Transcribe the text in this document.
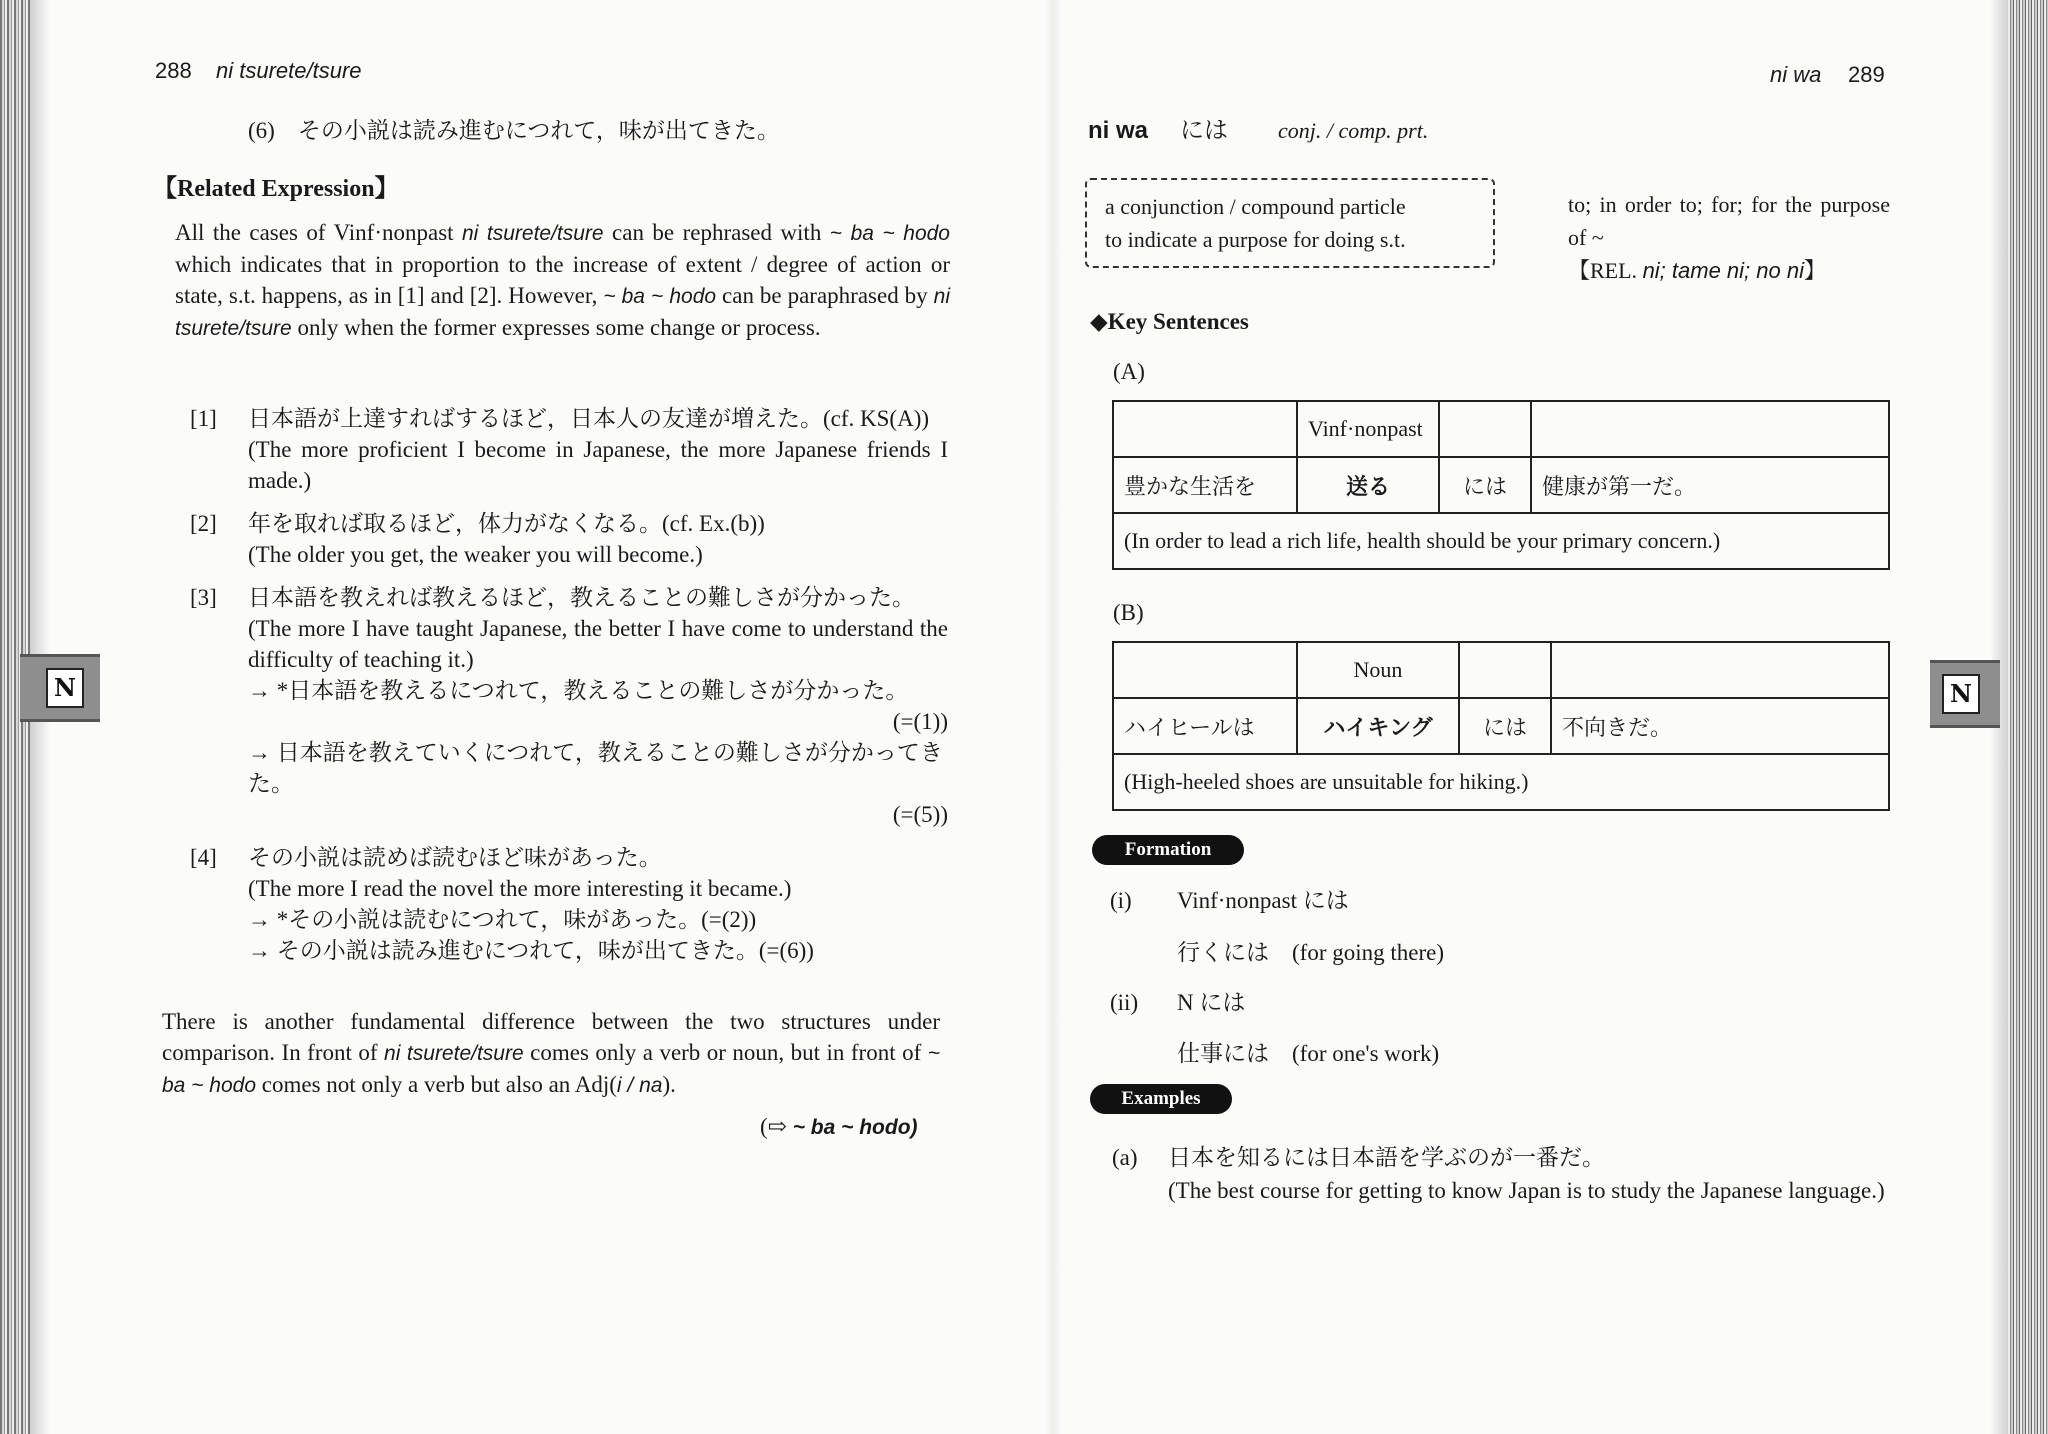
N	N
288 ni tsurete/tsure
(6)　その小説は読み進むにつれて，味が出てきた。
【Related Expression】
All the cases of Vinf·nonpast ni tsurete/tsure can be rephrased with ~ ba ~ hodo which indicates that in proportion to the increase of extent / degree of action or state, s.t. happens, as in [1] and [2]. However, ~ ba ~ hodo can be paraphrased by ni tsurete/tsure only when the former expresses some change or process.
[1] 日本語が上達すればするほど，日本人の友達が増えた。(cf. KS(A))
(The more proficient I become in Japanese, the more Japanese friends I made.)
[2] 年を取れば取るほど，体力がなくなる。(cf. Ex.(b))
(The older you get, the weaker you will become.)
[3] 日本語を教えれば教えるほど，教えることの難しさが分かった。
(The more I have taught Japanese, the better I have come to understand the difficulty of teaching it.)
→ *日本語を教えるにつれて，教えることの難しさが分かった。
(=(1))
→ 日本語を教えていくにつれて，教えることの難しさが分かってきた。
(=(5))
[4] その小説は読めば読むほど味があった。
(The more I read the novel the more interesting it became.)
→ *その小説は読むにつれて，味があった。(=(2))
→ その小説は読み進むにつれて，味が出てきた。(=(6))
There is another fundamental difference between the two structures under comparison. In front of ni tsurete/tsure comes only a verb or noun, but in front of ~ ba ~ hodo comes not only a verb but also an Adj(i / na).
(⇨ ~ ba ~ hodo)
ni wa 289
ni wa には conj. / comp. prt.
a conjunction / compound particle
to indicate a purpose for doing s.t.
to; in order to; for; for the purpose of ~
【REL. ni; tame ni; no ni】
◆Key Sentences
(A)
	Vinf·nonpast		
豊かな生活を	送る	には	健康が第一だ。
(In order to lead a rich life, health should be your primary concern.)			
(B)
	Noun		
ハイヒールは	ハイキング	には	不向きだ。
(High-heeled shoes are unsuitable for hiking.)			
Formation
(i) Vinf·nonpast には
行くには (for going there)
(ii) N には
仕事には (for one's work)
Examples
(a) 日本を知るには日本語を学ぶのが一番だ。
(The best course for getting to know Japan is to study the Japanese language.)
